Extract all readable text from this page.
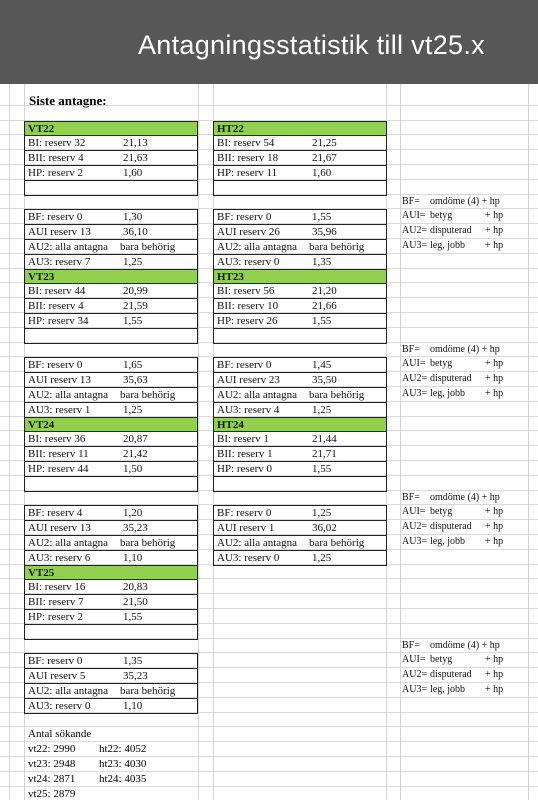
Antagningsstatistik till vt25.x
Siste antagne:
VT22
BI: reserv 32	21,13
BII: reserv 4	21,63
HP: reserv 2	1,60
BF: reserv 0	1,30
AUI reserv 13	36,10
AU2: alla antagna bara behörig
AU3: reserv 7	1,25
HT22
BI: reserv 54	21,25
BII: reserv 18	21,67
HP: reserv 11	1,60
BF: reserv 0	1,55
AUI reserv 26	35,96
AU2: alla antagna bara behörig
AU3: reserv 0	1,35
VT23
BI: reserv 44	20,99
BII: reserv 4	21,59
HP: reserv 34	1,55
BF: reserv 0	1,65
AUI reserv 13	35,63
AU2: alla antagna bara behörig
AU3: reserv 1	1,25
HT23
BI: reserv 56	21,20
BII: reserv 10	21,66
HP: reserv 26	1,55
BF: reserv 0	1,45
AUI reserv 23	35,50
AU2: alla antagna bara behörig
AU3: reserv 4	1,25
VT24
BI: reserv 36	20,87
BII: reserv 11	21,42
HP: reserv 44	1,50
BF: reserv 4	1,20
AUI reserv 13	35,23
AU2: alla antagna bara behörig
AU3: reserv 6	1,10
HT24
BI: reserv 1	21,44
BII: reserv 1	21,71
HP: reserv 0	1,55
BF: reserv 0	1,25
AUI reserv 1	36,02
AU2: alla antagna bara behörig
AU3: reserv 0	1,25
VT25
BI: reserv 16	20,83
BII: reserv 7	21,50
HP: reserv 2	1,55
BF: reserv 0	1,35
AUI reserv 5	35,23
AU2: alla antagna bara behörig
AU3: reserv 0	1,10
BF= omdöme (4) + hp
AUI= betyg	+ hp
AU2= disputerad + hp
AU3= leg, jobb + hp
BF= omdöme (4) + hp
AUI= betyg	+ hp
AU2= disputerad + hp
AU3= leg, jobb + hp
BF= omdöme (4) + hp
AUI= betyg	+ hp
AU2= disputerad + hp
AU3= leg, jobb + hp
BF= omdöme (4) + hp
AUI= betyg	+ hp
AU2= disputerad + hp
AU3= leg, jobb + hp
Antal sökande
vt22: 2990 ht22: 4052
vt23: 2948 ht23: 4030
vt24: 2871 ht24: 4035
vt25: 2879
